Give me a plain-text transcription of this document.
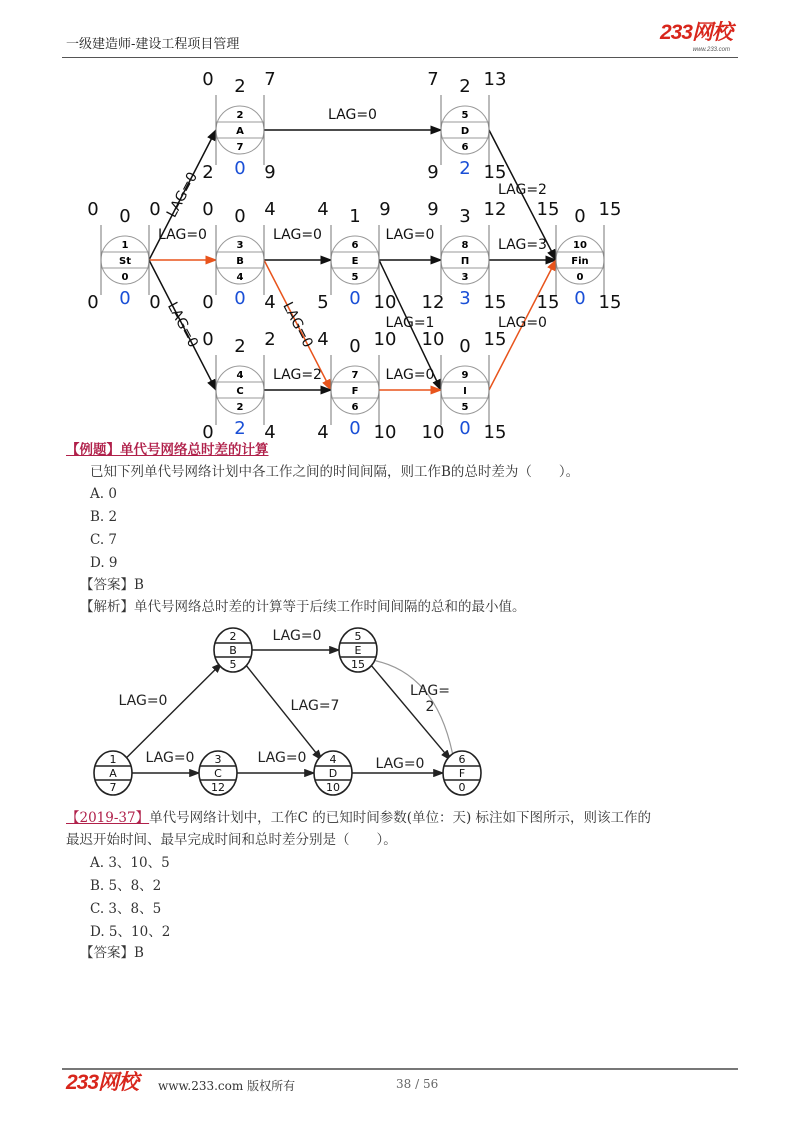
一级建造师-建设工程项目管理
233网校
www.233.com
LAG=0
LAG=0
LAG=0
LAG=0
LAG=0
LAG=0
LAG=2
LAG=0
LAG=1
LAG=0
LAG=2
LAG=3
LAG=0
1
St
0
0 0 0
0 0 0
2
A
7
0 2 7
2 0 9
3
B
4
0 0 4
0 0 4
4
C
2
0 2 2
0 2 4
6
E
5
4 1 9
5 0 10
7
F
6
4 0 10
4 0 10
5
D
6
7 2 13
9 2 15
8
Π
3
9 3 12
12 3 15
9
I
5
10 0 15
10 0 15
10
Fin
0
15 0 15
15 0 15
【例题】单代号网络总时差的计算
已知下列单代号网络计划中各工作之间的时间间隔，则工作B的总时差为（　　）。
A. 0
B. 2
C. 7
D. 9
【答案】B
【解析】单代号网络总时差的计算等于后续工作时间间隔的总和的最小值。
LAG=0
LAG=0	LAG=0
LAG=0
LAG=7
LAG= 2
LAG=0
1
A
7
2
B
5
3
C
12
4
D
10
5
E
15
6
F
0
【2019-37】单代号网络计划中，工作C 的已知时间参数(单位：天) 标注如下图所示，则该工作的
最迟开始时间、最早完成时间和总时差分别是（　　）。
A. 3、10、5
B. 5、8、2
C. 3、8、5
D. 5、10、2
【答案】B
233网校 www.233.com 版权所有	38 / 56
